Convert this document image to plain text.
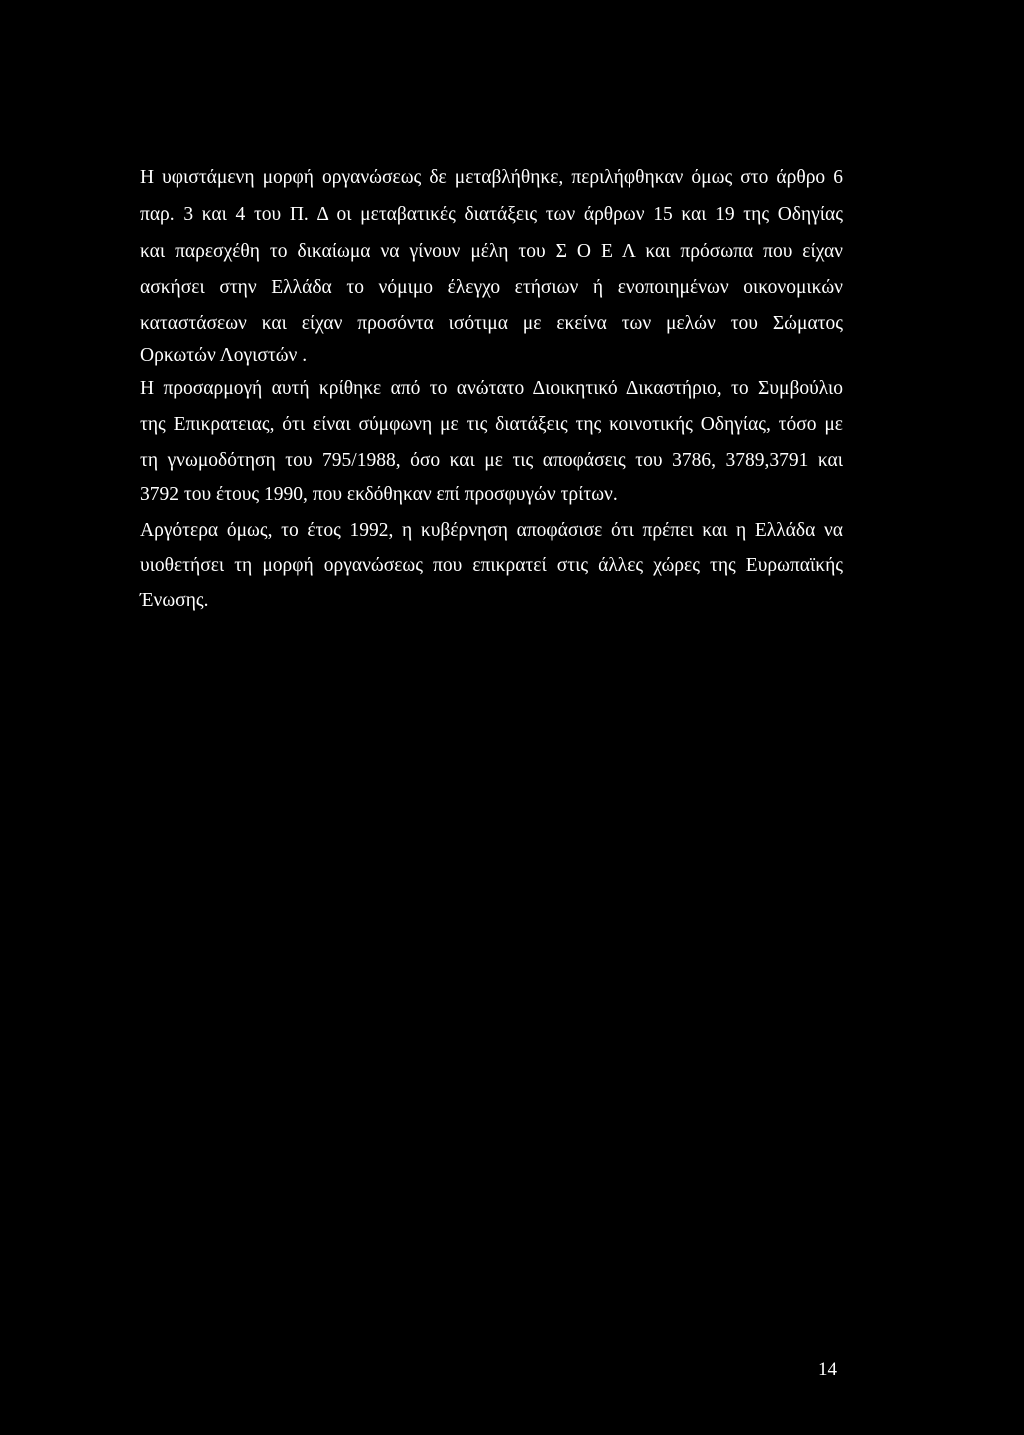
Η υφιστάμενη μορφή οργανώσεως δε μεταβλήθηκε, περιλήφθηκαν όμως στο άρθρο 6
παρ. 3 και 4 του Π. Δ οι μεταβατικές διατάξεις των άρθρων 15 και 19 της Οδηγίας
και παρεσχέθη το δικαίωμα να γίνουν μέλη του Σ Ο Ε Λ και πρόσωπα που είχαν
ασκήσει στην Ελλάδα το νόμιμο έλεγχο ετήσιων ή ενοποιημένων οικονομικών
καταστάσεων και είχαν προσόντα ισότιμα με εκείνα των μελών του Σώματος
Ορκωτών Λογιστών .
Η προσαρμογή αυτή κρίθηκε από το ανώτατο Διοικητικό Δικαστήριο, το Συμβούλιο
της Επικρατειας, ότι είναι σύμφωνη με τις διατάξεις της κοινοτικής Οδηγίας, τόσο με
τη γνωμοδότηση του 795/1988, όσο και με τις αποφάσεις του 3786, 3789,3791 και
3792 του έτους 1990, που εκδόθηκαν επί προσφυγών τρίτων.
Αργότερα όμως, το έτος 1992, η κυβέρνηση αποφάσισε ότι πρέπει και η Ελλάδα να
υιοθετήσει τη μορφή οργανώσεως που επικρατεί στις άλλες χώρες της Ευρωπαϊκής
Ένωσης.
14
